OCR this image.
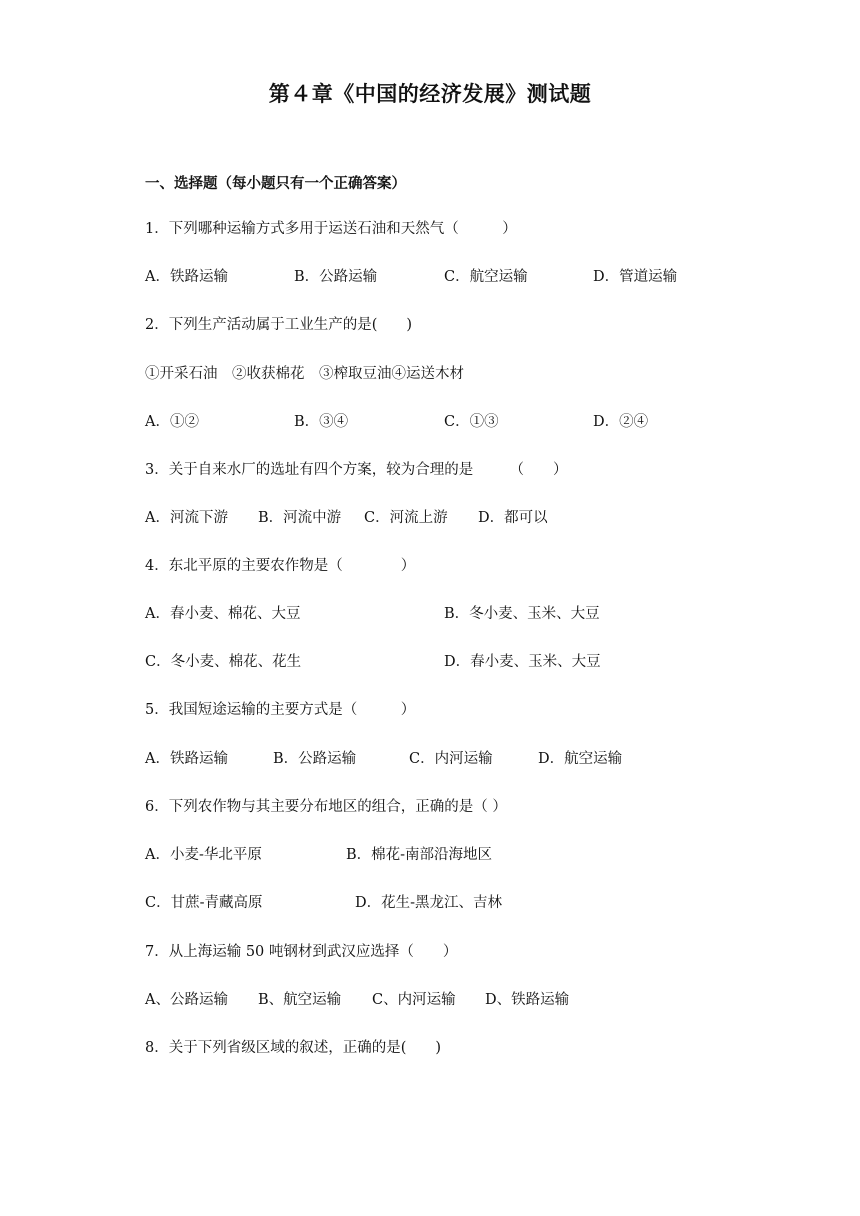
第４章《中国的经济发展》测试题
一、选择题（每小题只有一个正确答案）
1．下列哪种运输方式多用于运送石油和天然气（　　　）
A．铁路运输	B．公路运输	C．航空运输	D．管道运输
2．下列生产活动属于工业生产的是(　　)
①开采石油　②收获棉花　③榨取豆油④运送木材
A．①②	B．③④	C．①③	D．②④
3．关于自来水厂的选址有四个方案，较为合理的是　　　（　　）
A．河流下游 B．河流中游 C．河流上游 D．都可以
4．东北平原的主要农作物是（　　　　）
A．春小麦、棉花、大豆	B．冬小麦、玉米、大豆
C．冬小麦、棉花、花生	D．春小麦、玉米、大豆
5．我国短途运输的主要方式是（　　　）
A．铁路运输	B．公路运输	C．内河运输	D．航空运输
6．下列农作物与其主要分布地区的组合，正确的是（ ）
A．小麦-华北平原	B．棉花-南部沿海地区
C．甘蔗-青藏高原	D．花生-黑龙江、吉林
7．从上海运输 50 吨钢材到武汉应选择（　　）
A、公路运输 B、航空运输 C、内河运输 D、铁路运输
8．关于下列省级区域的叙述，正确的是(　　)
